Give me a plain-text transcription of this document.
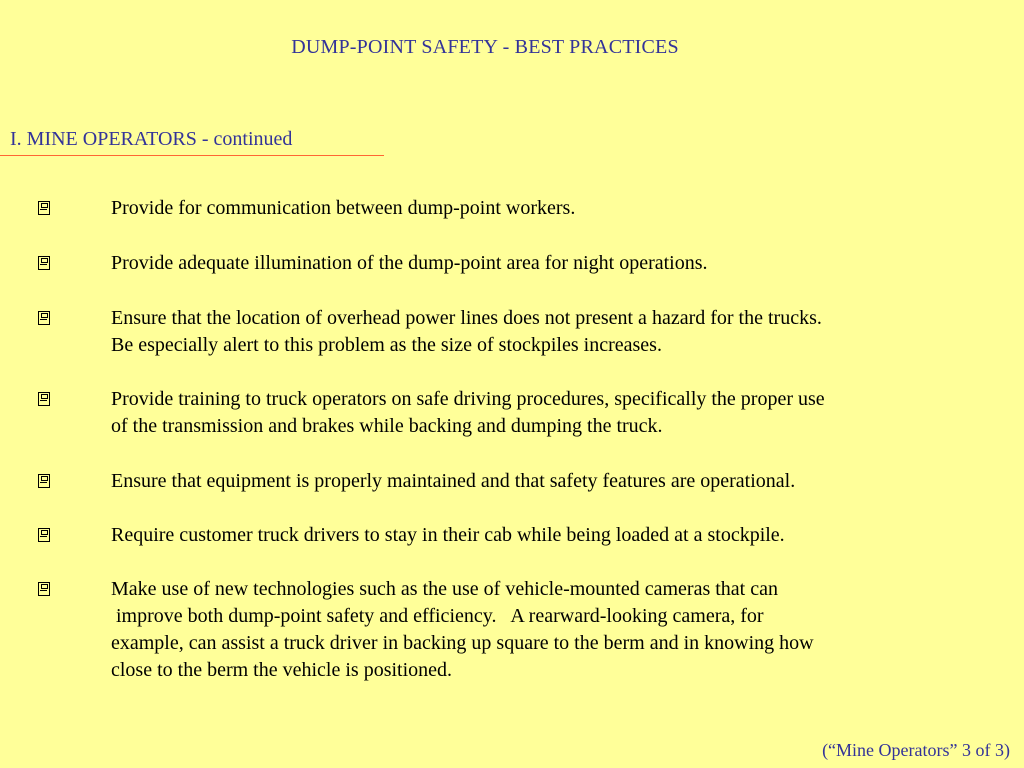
DUMP-POINT SAFETY - BEST PRACTICES
I. MINE OPERATORS - continued
Provide for communication between dump-point workers.
Provide adequate illumination of the dump-point area for night operations.
Ensure that the location of overhead power lines does not present a hazard for the trucks.
Be especially alert to this problem as the size of stockpiles increases.
Provide training to truck operators on safe driving procedures, specifically the proper use
of the transmission and brakes while backing and dumping the truck.
Ensure that equipment is properly maintained and that safety features are operational.
Require customer truck drivers to stay in their cab while being loaded at a stockpile.
Make use of new technologies such as the use of vehicle-mounted cameras that can
improve both dump-point safety and efficiency.   A rearward-looking camera, for
example, can assist a truck driver in backing up square to the berm and in knowing how
close to the berm the vehicle is positioned.
(“Mine Operators” 3 of 3)
